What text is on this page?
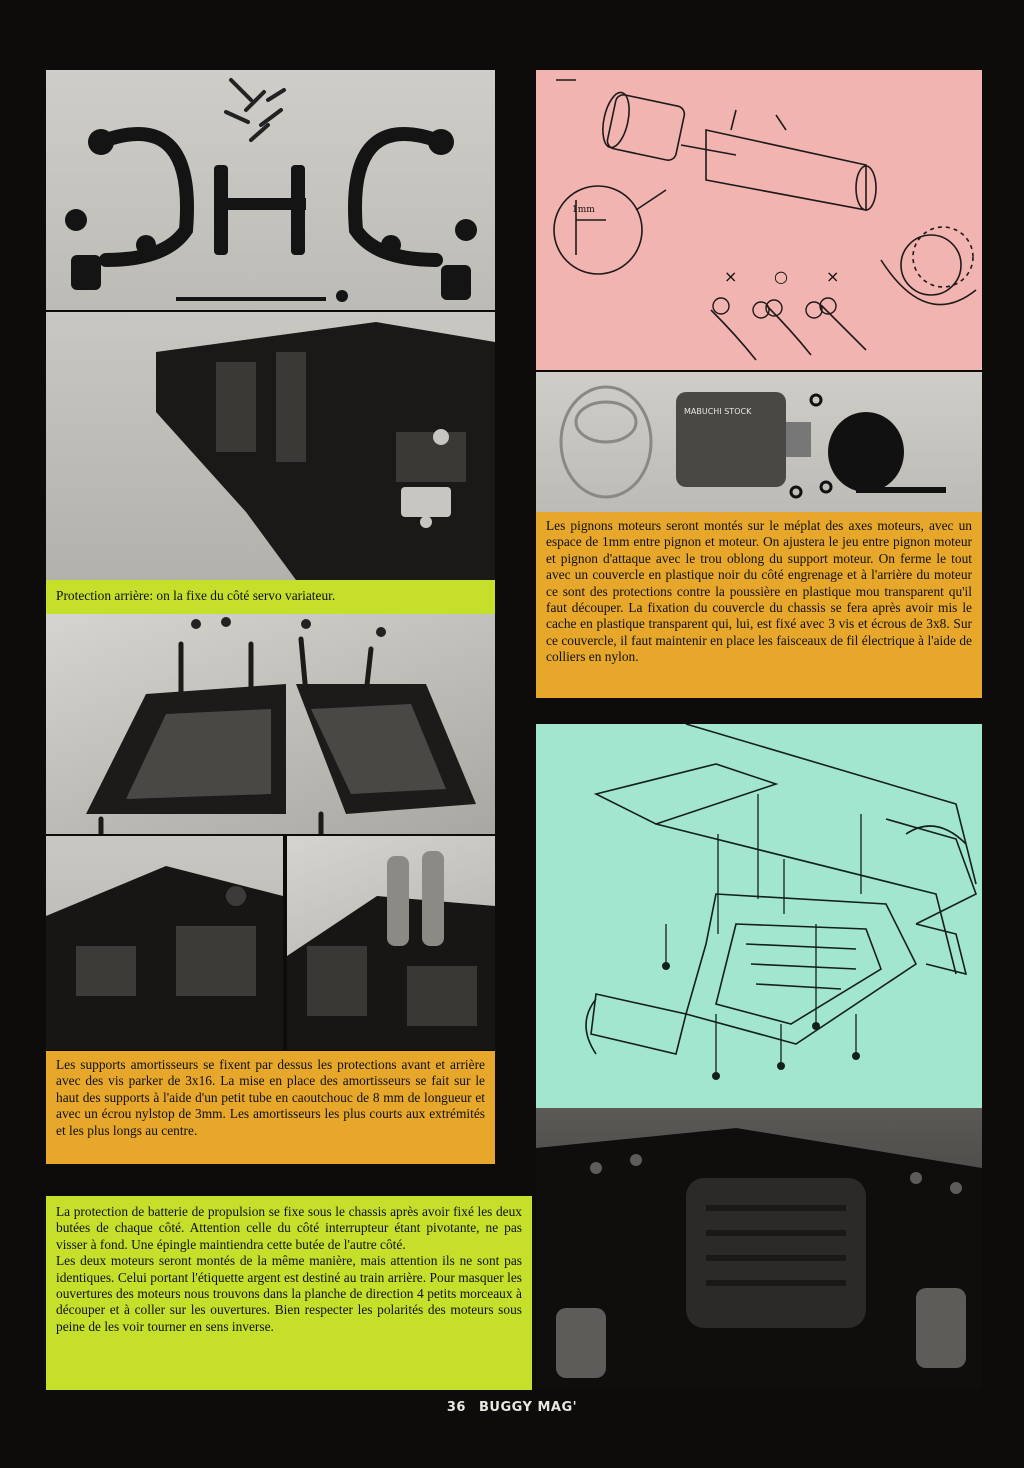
Protection arrière: on la fixe du côté servo variateur.

Les supports amortisseurs se fixent par dessus les protections avant et arrière avec des vis parker de 3x16. La mise en place des amortisseurs se fait sur le haut des supports à l'aide d'un petit tube en caoutchouc de 8 mm de longueur et avec un écrou nylstop de 3mm. Les amortisseurs les plus courts aux extrémités et les plus longs au centre.

La protection de batterie de propulsion se fixe sous le chassis après avoir fixé les deux butées de chaque côté. Attention celle du côté interrupteur étant pivotante, ne pas visser à fond. Une épingle maintiendra cette butée de l'autre côté.

Les deux moteurs seront montés de la même manière, mais attention ils ne sont pas identiques. Celui portant l'étiquette argent est destiné au train arrière. Pour masquer les ouvertures des moteurs nous trouvons dans la planche de direction 4 petits morceaux à découper et à coller sur les ouvertures. Bien respecter les polarités des moteurs sous peine de les voir tourner en sens inverse.

× ○ ×
1mm
MABUCHI STOCK

Les pignons moteurs seront montés sur le méplat des axes moteurs, avec un espace de 1mm entre pignon et moteur. On ajustera le jeu entre pignon moteur et pignon d'attaque avec le trou oblong du support moteur. On ferme le tout avec un couvercle en plastique noir du côté engrenage et à l'arrière du moteur ce sont des protections contre la poussière en plastique mou transparent qu'il faut découper. La fixation du couvercle du chassis se fera après avoir mis le cache en plastique transparent qui, lui, est fixé avec 3 vis et écrous de 3x8. Sur ce couvercle, il faut maintenir en place les faisceaux de fil électrique à l'aide de colliers en nylon.

36 BUGGY MAG'
